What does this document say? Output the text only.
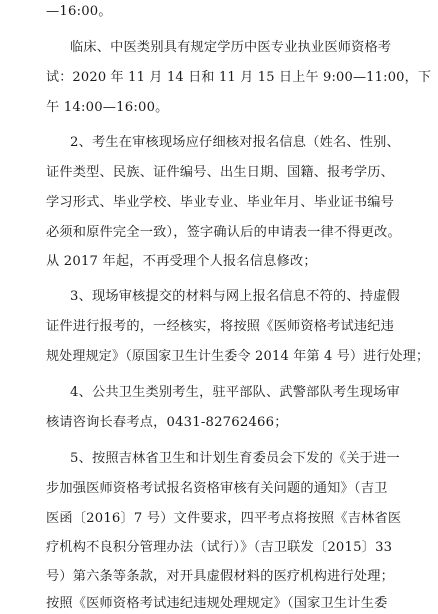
—16:00。
临床、中医类别具有规定学历中医专业执业医师资格考
试：2020 年 11 月 14 日和 11 月 15 日上午 9:00—11:00，下
午 14:00—16:00。
2、考生在审核现场应仔细核对报名信息（姓名、性别、
证件类型、民族、证件编号、出生日期、国籍、报考学历、
学习形式、毕业学校、毕业专业、毕业年月、毕业证书编号
必须和原件完全一致），签字确认后的申请表一律不得更改。
从 2017 年起，不再受理个人报名信息修改；
3、现场审核提交的材料与网上报名信息不符的、持虚假
证件进行报考的，一经核实，将按照《医师资格考试违纪违
规处理规定》（原国家卫生计生委令 2014 年第 4 号）进行处理；
4、公共卫生类别考生，驻平部队、武警部队考生现场审
核请咨询长春考点，0431-82762466；
5、按照吉林省卫生和计划生育委员会下发的《关于进一
步加强医师资格考试报名资格审核有关问题的通知》（吉卫
医函〔2016〕7 号）文件要求，四平考点将按照《吉林省医
疗机构不良积分管理办法（试行）》（吉卫联发〔2015〕33
号）第六条等条款，对开具虚假材料的医疗机构进行处理；
按照《医师资格考试违纪违规处理规定》（国家卫生计生委
